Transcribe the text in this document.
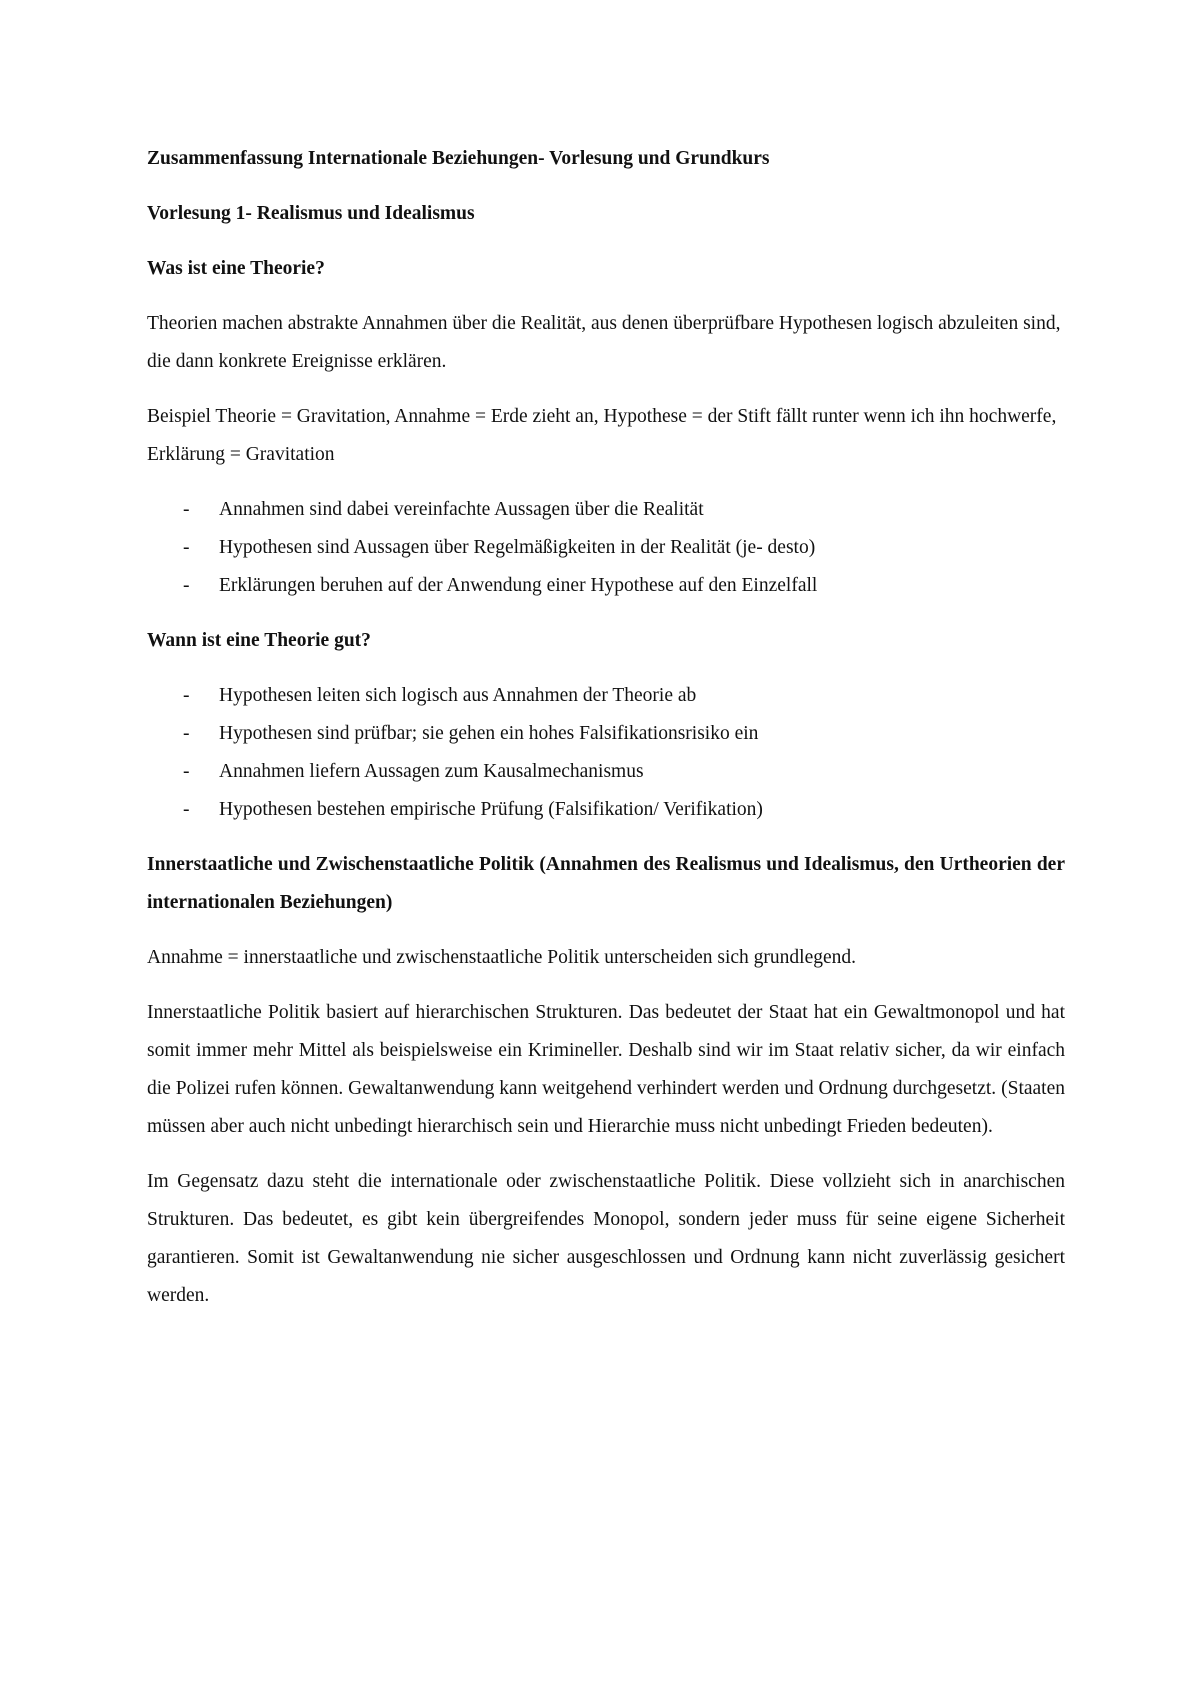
Zusammenfassung Internationale Beziehungen- Vorlesung und Grundkurs

Vorlesung 1- Realismus und Idealismus

Was ist eine Theorie?

Theorien machen abstrakte Annahmen über die Realität, aus denen überprüfbare Hypothesen logisch abzuleiten sind, die dann konkrete Ereignisse erklären.

Beispiel Theorie = Gravitation, Annahme = Erde zieht an, Hypothese = der Stift fällt runter wenn ich ihn hochwerfe, Erklärung = Gravitation

- Annahmen sind dabei vereinfachte Aussagen über die Realität
- Hypothesen sind Aussagen über Regelmäßigkeiten in der Realität (je- desto)
- Erklärungen beruhen auf der Anwendung einer Hypothese auf den Einzelfall

Wann ist eine Theorie gut?

- Hypothesen leiten sich logisch aus Annahmen der Theorie ab
- Hypothesen sind prüfbar; sie gehen ein hohes Falsifikationsrisiko ein
- Annahmen liefern Aussagen zum Kausalmechanismus
- Hypothesen bestehen empirische Prüfung (Falsifikation/ Verifikation)

Innerstaatliche und Zwischenstaatliche Politik (Annahmen des Realismus und Idealismus, den Urtheorien der internationalen Beziehungen)

Annahme = innerstaatliche und zwischenstaatliche Politik unterscheiden sich grundlegend.

Innerstaatliche Politik basiert auf hierarchischen Strukturen. Das bedeutet der Staat hat ein Gewaltmonopol und hat somit immer mehr Mittel als beispielsweise ein Krimineller. Deshalb sind wir im Staat relativ sicher, da wir einfach die Polizei rufen können. Gewaltanwendung kann weitgehend verhindert werden und Ordnung durchgesetzt. (Staaten müssen aber auch nicht unbedingt hierarchisch sein und Hierarchie muss nicht unbedingt Frieden bedeuten).

Im Gegensatz dazu steht die internationale oder zwischenstaatliche Politik. Diese vollzieht sich in anarchischen Strukturen. Das bedeutet, es gibt kein übergreifendes Monopol, sondern jeder muss für seine eigene Sicherheit garantieren. Somit ist Gewaltanwendung nie sicher ausgeschlossen und Ordnung kann nicht zuverlässig gesichert werden.
